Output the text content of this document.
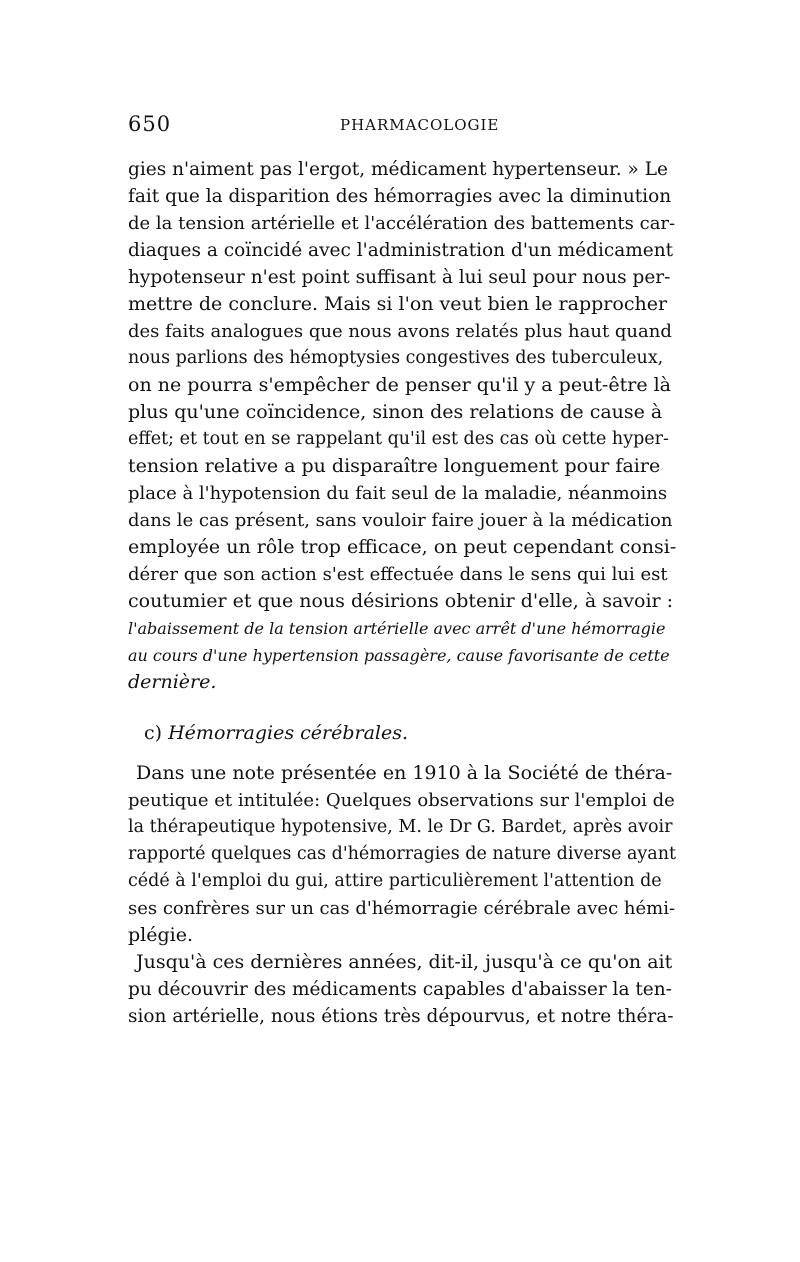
650	PHARMACOLOGIE
gies n'aiment pas l'ergot, médicament hypertenseur. » Le
fait que la disparition des hémorragies avec la diminution
de la tension artérielle et l'accélération des battements car-
diaques a coïncidé avec l'administration d'un médicament
hypotenseur n'est point suffisant à lui seul pour nous per-
mettre de conclure. Mais si l'on veut bien le rapprocher
des faits analogues que nous avons relatés plus haut quand
nous parlions des hémoptysies congestives des tuberculeux,
on ne pourra s'empêcher de penser qu'il y a peut-être là
plus qu'une coïncidence, sinon des relations de cause à
effet; et tout en se rappelant qu'il est des cas où cette hyper-
tension relative a pu disparaître longuement pour faire
place à l'hypotension du fait seul de la maladie, néanmoins
dans le cas présent, sans vouloir faire jouer à la médication
employée un rôle trop efficace, on peut cependant consi-
dérer que son action s'est effectuée dans le sens qui lui est
coutumier et que nous désirions obtenir d'elle, à savoir :
l'abaissement de la tension artérielle avec arrêt d'une hémorragie
au cours d'une hypertension passagère, cause favorisante de cette
dernière.
c) Hémorragies cérébrales.
Dans une note présentée en 1910 à la Société de théra-
peutique et intitulée: Quelques observations sur l'emploi de
la thérapeutique hypotensive, M. le Dr G. Bardet, après avoir
rapporté quelques cas d'hémorragies de nature diverse ayant
cédé à l'emploi du gui, attire particulièrement l'attention de
ses confrères sur un cas d'hémorragie cérébrale avec hémi-
plégie.
Jusqu'à ces dernières années, dit-il, jusqu'à ce qu'on ait
pu découvrir des médicaments capables d'abaisser la ten-
sion artérielle, nous étions très dépourvus, et notre théra-
